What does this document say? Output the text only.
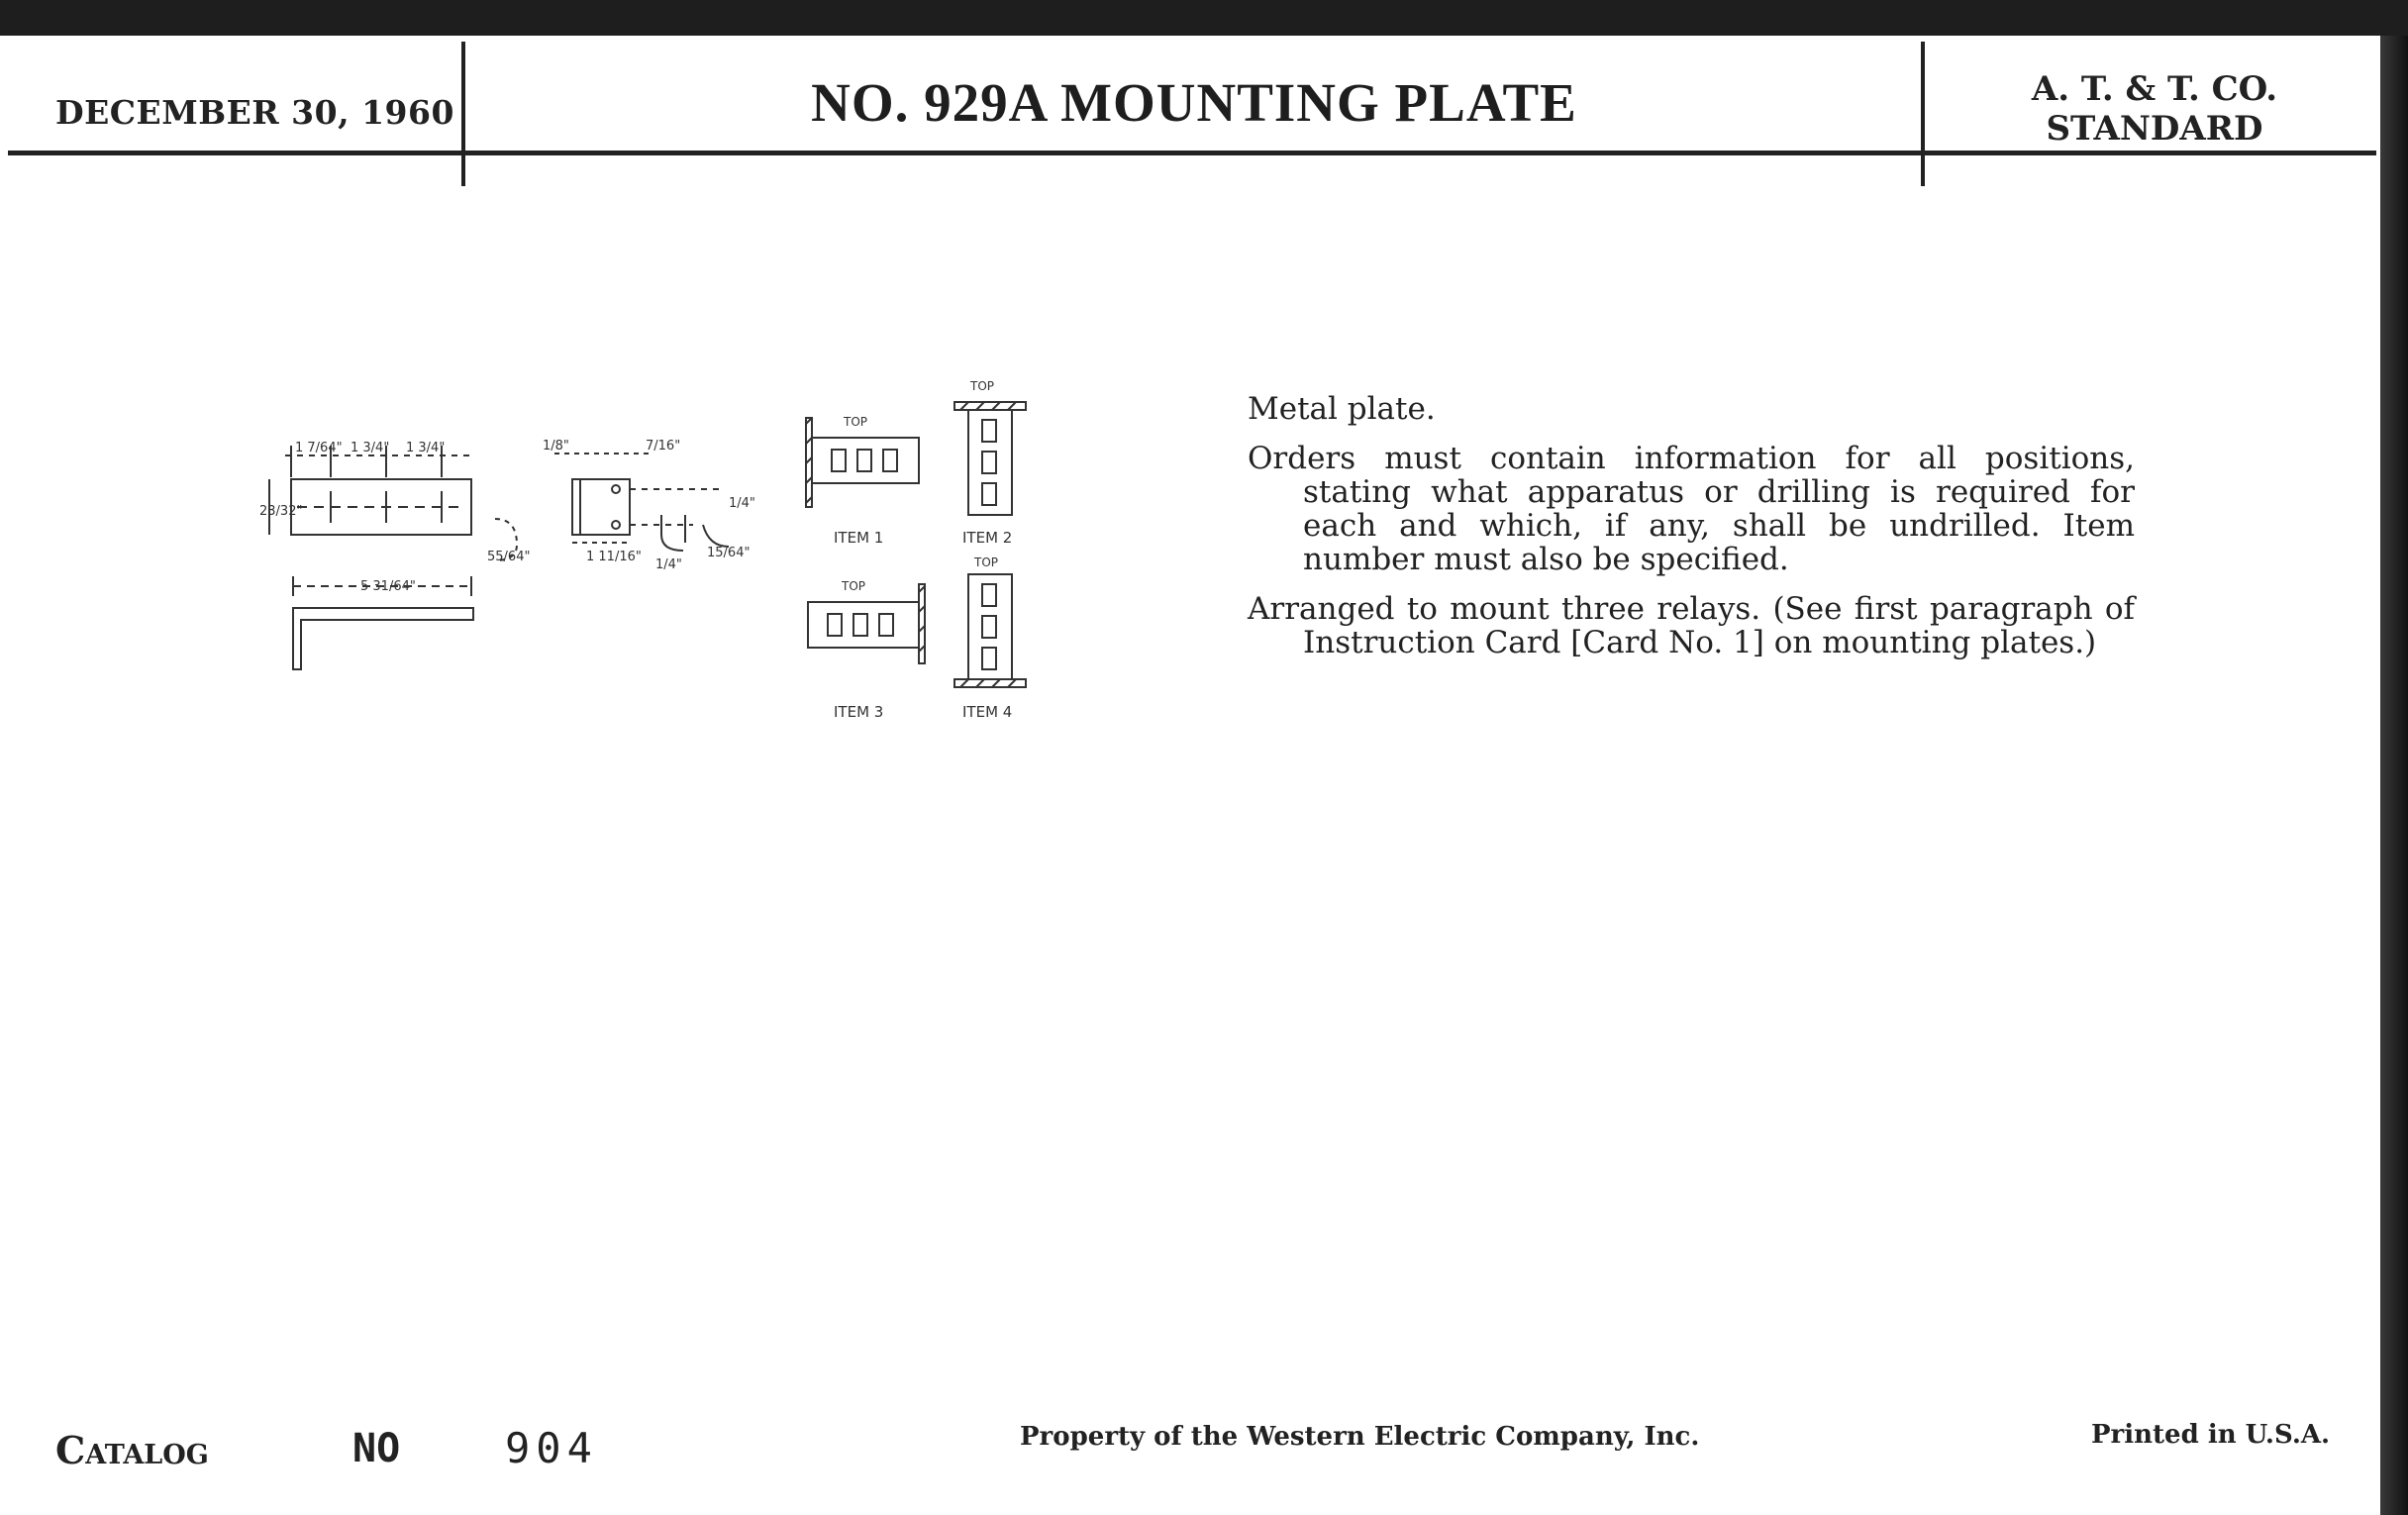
DECEMBER 30, 1960	NO. 929A MOUNTING PLATE	A. T. & T. CO.
STANDARD
1 7/64" 1 3/4" 1 3/4"
23/32"
55/64"
5 31/64"
1/8"	7/16"
1 11/16"
1/4"
1/4"
15/64"
TOP
TOP
TOP
TOP
ITEM 1	ITEM 2
ITEM 3	ITEM 4

Metal plate.

Orders must contain information for all positions, stating what apparatus or drilling is required for each and which, if any, shall be undrilled. Item number must also be specified.

Arranged to mount three relays. (See first paragraph of Instruction Card [Card No. 1] on mounting plates.)

Catalog	NO	904	Property of the Western Electric Company, Inc.	Printed in U.S.A.
